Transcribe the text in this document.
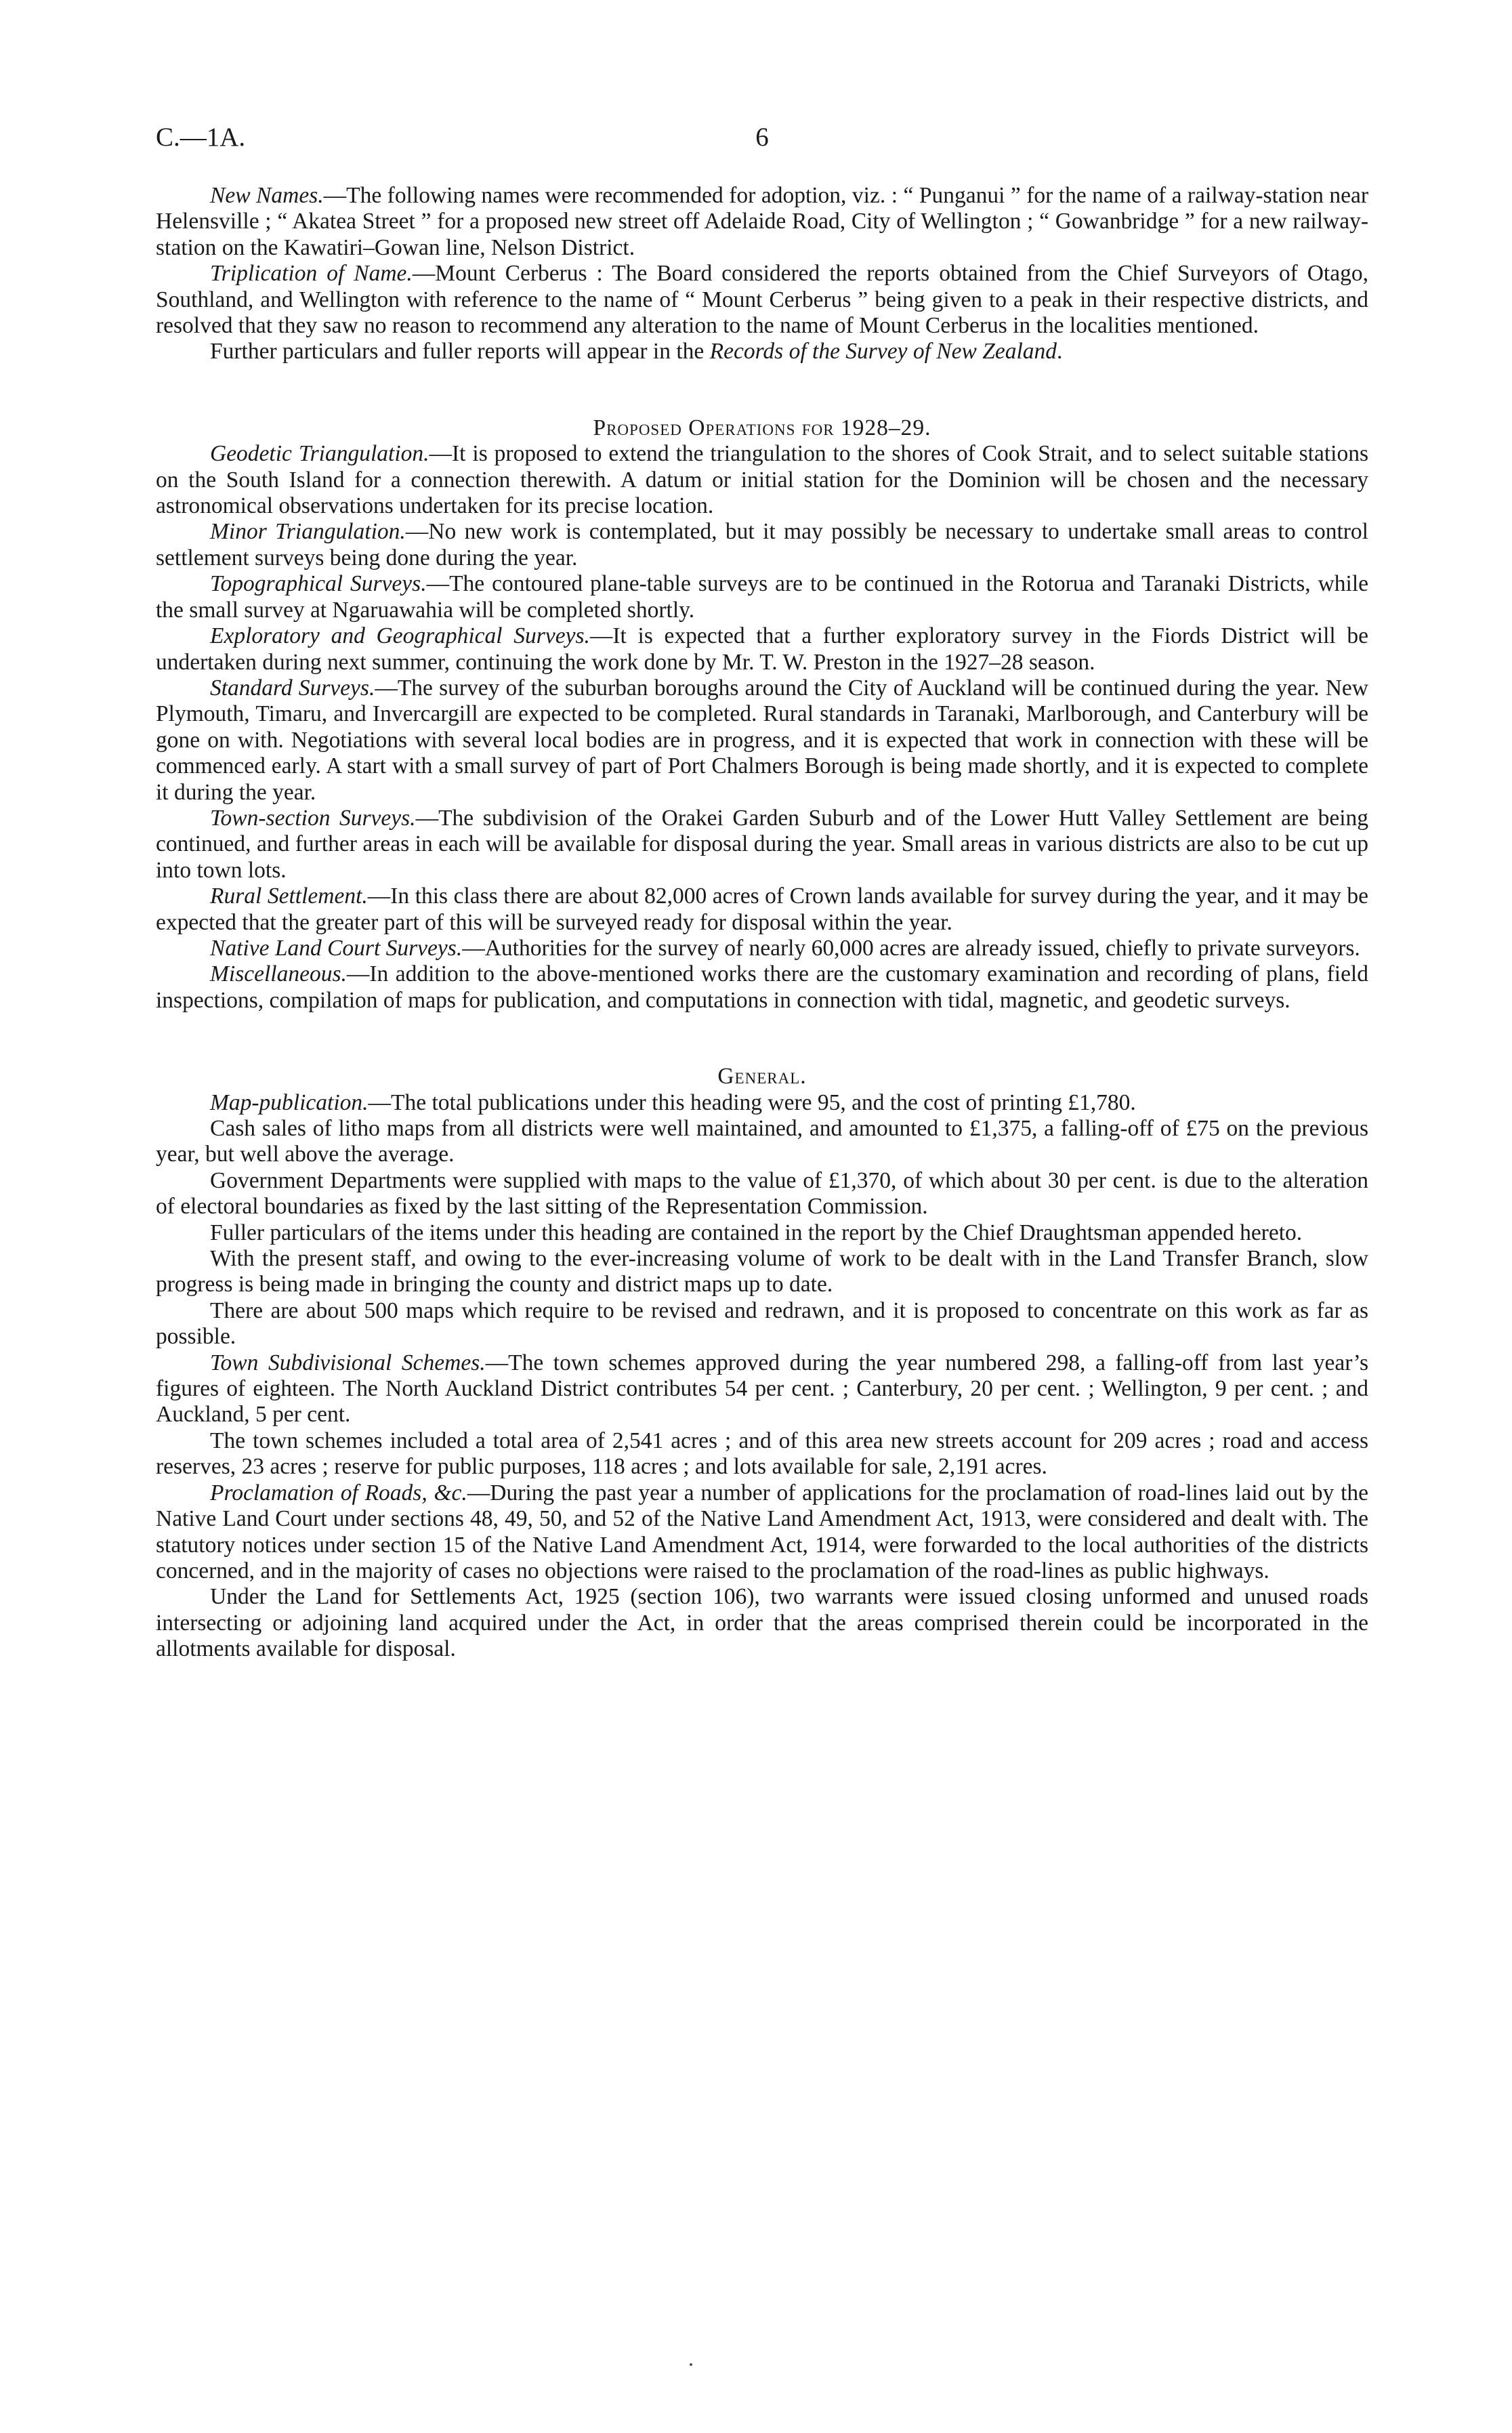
C.—1A.	6

New Names.—The following names were recommended for adoption, viz. : “ Punganui ” for the name of a railway-station near Helensville ; “ Akatea Street ” for a proposed new street off Adelaide Road, City of Wellington ; “ Gowanbridge ” for a new railway-station on the Kawatiri–Gowan line, Nelson District.

Triplication of Name.—Mount Cerberus : The Board considered the reports obtained from the Chief Surveyors of Otago, Southland, and Wellington with reference to the name of “ Mount Cerberus ” being given to a peak in their respective districts, and resolved that they saw no reason to recommend any alteration to the name of Mount Cerberus in the localities mentioned.

Further particulars and fuller reports will appear in the Records of the Survey of New Zealand.

Proposed Operations for 1928–29.

Geodetic Triangulation.—It is proposed to extend the triangulation to the shores of Cook Strait, and to select suitable stations on the South Island for a connection therewith. A datum or initial station for the Dominion will be chosen and the necessary astronomical observations undertaken for its precise location.

Minor Triangulation.—No new work is contemplated, but it may possibly be necessary to undertake small areas to control settlement surveys being done during the year.

Topographical Surveys.—The contoured plane-table surveys are to be continued in the Rotorua and Taranaki Districts, while the small survey at Ngaruawahia will be completed shortly.

Exploratory and Geographical Surveys.—It is expected that a further exploratory survey in the Fiords District will be undertaken during next summer, continuing the work done by Mr. T. W. Preston in the 1927–28 season.

Standard Surveys.—The survey of the suburban boroughs around the City of Auckland will be continued during the year. New Plymouth, Timaru, and Invercargill are expected to be completed. Rural standards in Taranaki, Marlborough, and Canterbury will be gone on with. Negotiations with several local bodies are in progress, and it is expected that work in connection with these will be commenced early. A start with a small survey of part of Port Chalmers Borough is being made shortly, and it is expected to complete it during the year.

Town-section Surveys.—The subdivision of the Orakei Garden Suburb and of the Lower Hutt Valley Settlement are being continued, and further areas in each will be available for disposal during the year. Small areas in various districts are also to be cut up into town lots.

Rural Settlement.—In this class there are about 82,000 acres of Crown lands available for survey during the year, and it may be expected that the greater part of this will be surveyed ready for disposal within the year.

Native Land Court Surveys.—Authorities for the survey of nearly 60,000 acres are already issued, chiefly to private surveyors.

Miscellaneous.—In addition to the above-mentioned works there are the customary examination and recording of plans, field inspections, compilation of maps for publication, and computations in connection with tidal, magnetic, and geodetic surveys.

General.

Map-publication.—The total publications under this heading were 95, and the cost of printing £1,780.

Cash sales of litho maps from all districts were well maintained, and amounted to £1,375, a falling-off of £75 on the previous year, but well above the average.

Government Departments were supplied with maps to the value of £1,370, of which about 30 per cent. is due to the alteration of electoral boundaries as fixed by the last sitting of the Representation Commission.

Fuller particulars of the items under this heading are contained in the report by the Chief Draughtsman appended hereto.

With the present staff, and owing to the ever-increasing volume of work to be dealt with in the Land Transfer Branch, slow progress is being made in bringing the county and district maps up to date.

There are about 500 maps which require to be revised and redrawn, and it is proposed to concentrate on this work as far as possible.

Town Subdivisional Schemes.—The town schemes approved during the year numbered 298, a falling-off from last year’s figures of eighteen. The North Auckland District contributes 54 per cent. ; Canterbury, 20 per cent. ; Wellington, 9 per cent. ; and Auckland, 5 per cent.

The town schemes included a total area of 2,541 acres ; and of this area new streets account for 209 acres ; road and access reserves, 23 acres ; reserve for public purposes, 118 acres ; and lots available for sale, 2,191 acres.

Proclamation of Roads, &c.—During the past year a number of applications for the proclamation of road-lines laid out by the Native Land Court under sections 48, 49, 50, and 52 of the Native Land Amendment Act, 1913, were considered and dealt with. The statutory notices under section 15 of the Native Land Amendment Act, 1914, were forwarded to the local authorities of the districts concerned, and in the majority of cases no objections were raised to the proclamation of the road-lines as public highways.

Under the Land for Settlements Act, 1925 (section 106), two warrants were issued closing unformed and unused roads intersecting or adjoining land acquired under the Act, in order that the areas comprised therein could be incorporated in the allotments available for disposal.
